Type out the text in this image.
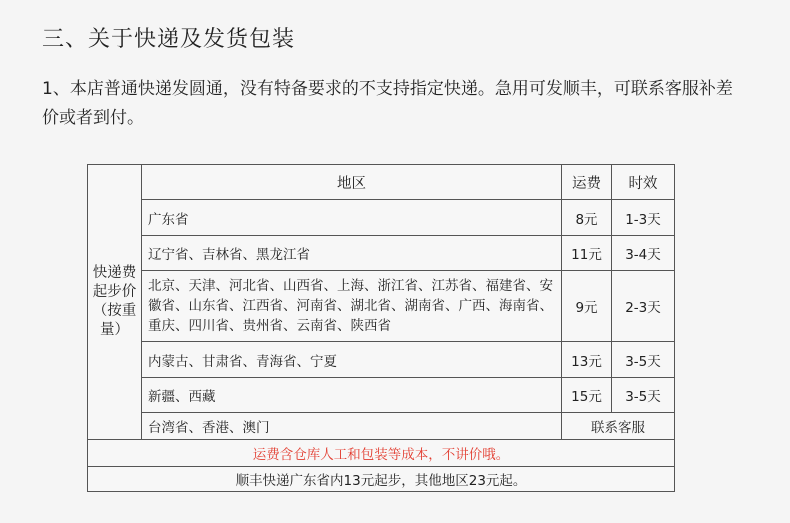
三、关于快递及发货包装
1、本店普通快递发圆通，没有特备要求的不支持指定快递。急用可发顺丰，可联系客服补差价或者到付。
快递费起步价（按重量）	地区	运费	时效
	广东省	8元	1-3天
	辽宁省、吉林省、黑龙江省	11元	3-4天
	北京、天津、河北省、山西省、上海、浙江省、江苏省、福建省、安徽省、山东省、江西省、河南省、湖北省、湖南省、广西、海南省、重庆、四川省、贵州省、云南省、陕西省	9元	2-3天
	内蒙古、甘肃省、青海省、宁夏	13元	3-5天
	新疆、西藏	15元	3-5天
	台湾省、香港、澳门	联系客服	
运费含仓库人工和包装等成本，不讲价哦。			
顺丰快递广东省内13元起步，其他地区23元起。			
